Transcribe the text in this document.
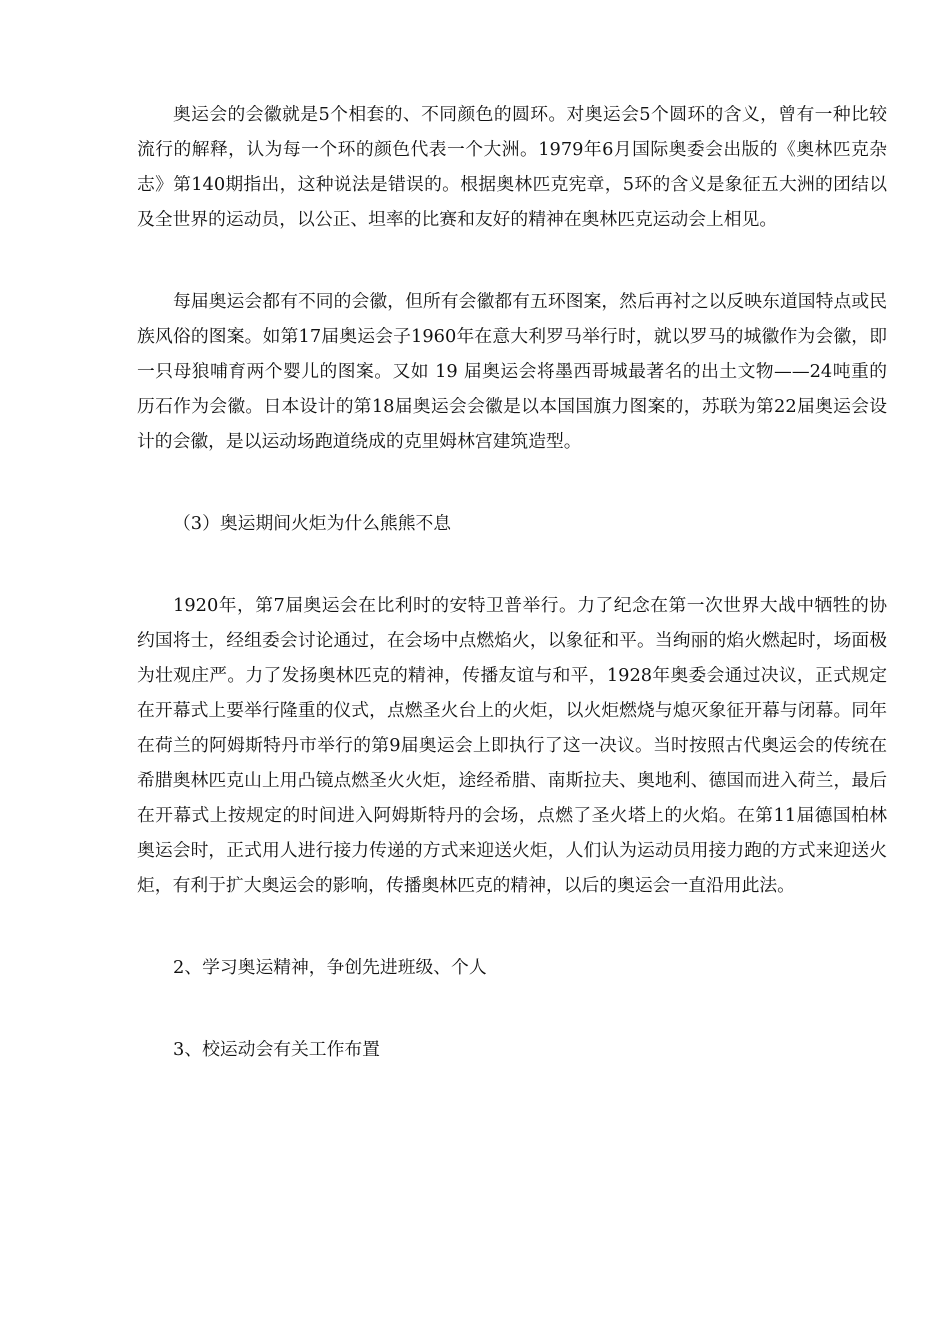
奥运会的会徽就是5个相套的、不同颜色的圆环。对奥运会5个圆环的含义，曾有一种比较流行的解释，认为每一个环的颜色代表一个大洲。1979年6月国际奥委会出版的《奥林匹克杂志》第140期指出，这种说法是错误的。根据奥林匹克宪章，5环的含义是象征五大洲的团结以及全世界的运动员，以公正、坦率的比赛和友好的精神在奥林匹克运动会上相见。

每届奥运会都有不同的会徽，但所有会徽都有五环图案，然后再衬之以反映东道国特点或民族风俗的图案。如第17届奥运会子1960年在意大利罗马举行时，就以罗马的城徽作为会徽，即一只母狼哺育两个婴儿的图案。又如 19 届奥运会将墨西哥城最著名的出土文物——24吨重的历石作为会徽。日本设计的第18届奥运会会徽是以本国国旗力图案的，苏联为第22届奥运会设计的会徽，是以运动场跑道绕成的克里姆林宫建筑造型。

（3）奥运期间火炬为什么熊熊不息

1920年，第7届奥运会在比利时的安特卫普举行。力了纪念在第一次世界大战中牺牲的协约国将士，经组委会讨论通过，在会场中点燃焰火，以象征和平。当绚丽的焰火燃起时，场面极为壮观庄严。力了发扬奥林匹克的精神，传播友谊与和平，1928年奥委会通过决议，正式规定在开幕式上要举行隆重的仪式，点燃圣火台上的火炬，以火炬燃烧与熄灭象征开幕与闭幕。同年在荷兰的阿姆斯特丹市举行的第9届奥运会上即执行了这一决议。当时按照古代奥运会的传统在希腊奥林匹克山上用凸镜点燃圣火火炬，途经希腊、南斯拉夫、奥地利、德国而进入荷兰，最后在开幕式上按规定的时间进入阿姆斯特丹的会场，点燃了圣火塔上的火焰。在第11届德国柏林奥运会时，正式用人进行接力传递的方式来迎送火炬，人们认为运动员用接力跑的方式来迎送火炬，有利于扩大奥运会的影响，传播奥林匹克的精神，以后的奥运会一直沿用此法。

2、学习奥运精神，争创先进班级、个人

3、校运动会有关工作布置
